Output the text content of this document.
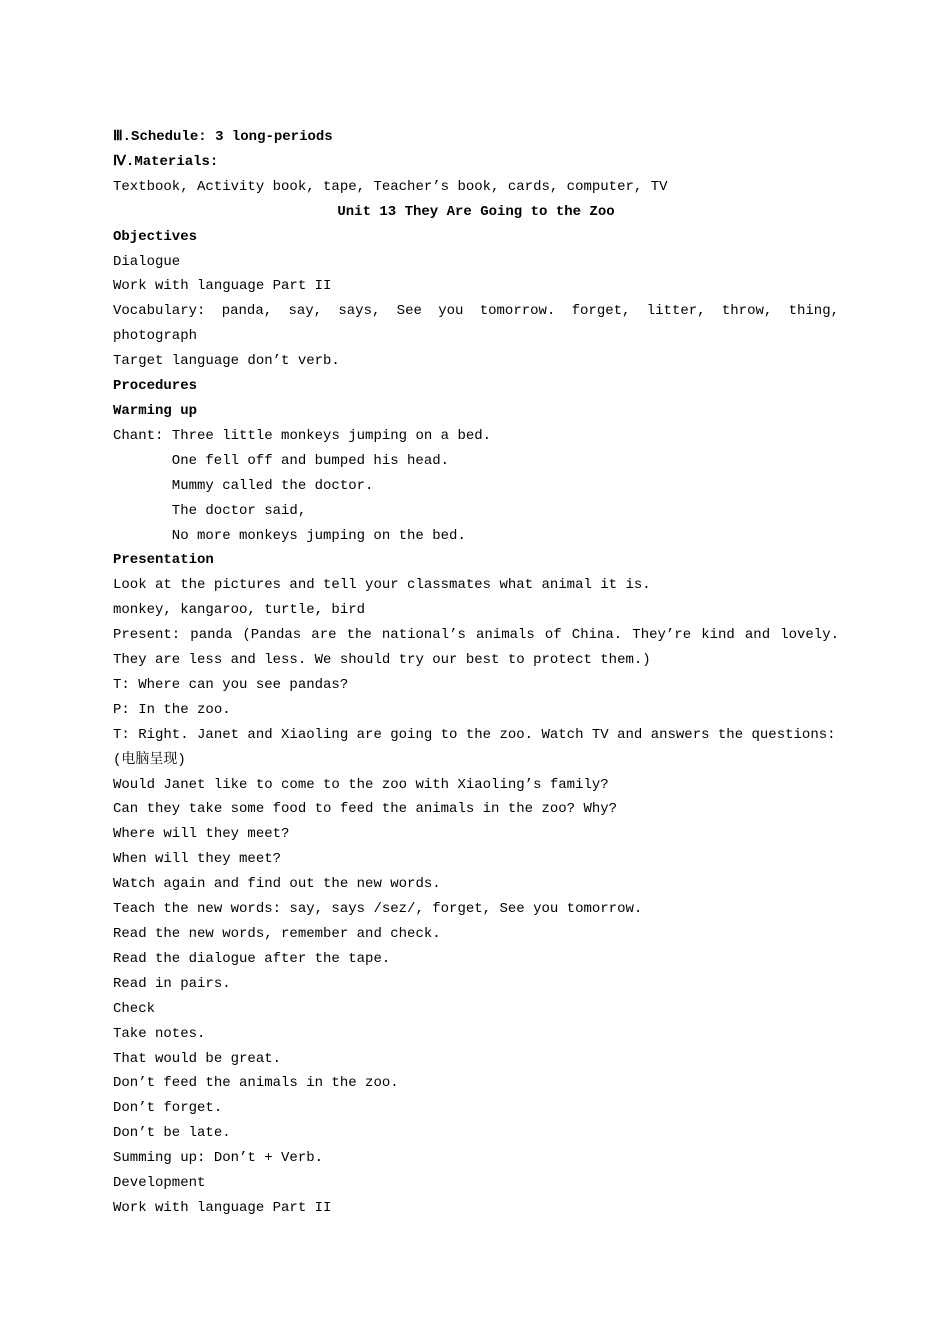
Ⅲ.Schedule: 3 long-periods

Ⅳ.Materials:

Textbook, Activity book, tape, Teacher’s book, cards, computer, TV

Unit 13 They Are Going to the Zoo

Objectives

Dialogue

Work with language Part II

Vocabulary: panda, say, says, See you tomorrow. forget, litter, throw, thing, photograph

Target language don’t verb.

Procedures

Warming up

Chant: Three little monkeys jumping on a bed.

One fell off and bumped his head.

Mummy called the doctor.

The doctor said,

No more monkeys jumping on the bed.

Presentation

Look at the pictures and tell your classmates what animal it is.

monkey, kangaroo, turtle, bird

Present: panda (Pandas are the national’s animals of China. They’re kind and lovely. They are less and less. We should try our best to protect them.)

T: Where can you see pandas?

P: In the zoo.

T: Right. Janet and Xiaoling are going to the zoo. Watch TV and answers the questions:

(电脑呈现)

Would Janet like to come to the zoo with Xiaoling’s family?

Can they take some food to feed the animals in the zoo? Why?

Where will they meet?

When will they meet?

Watch again and find out the new words.

Teach the new words: say, says /sez/, forget, See you tomorrow.

Read the new words, remember and check.

Read the dialogue after the tape.

Read in pairs.

Check

Take notes.

That would be great.

Don’t feed the animals in the zoo.

Don’t forget.

Don’t be late.

Summing up: Don’t + Verb.

Development

Work with language Part II
